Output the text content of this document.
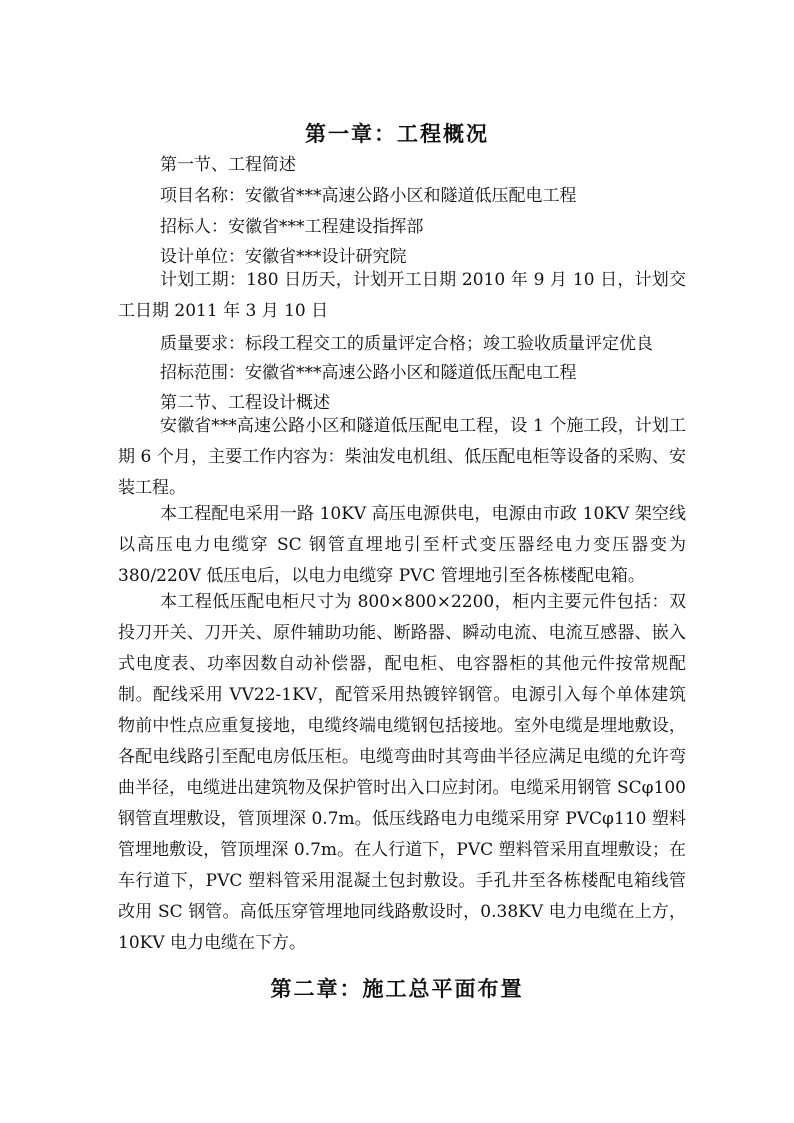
第一章：工程概况
第一节、工程简述
项目名称：安徽省***高速公路小区和隧道低压配电工程
招标人：安徽省***工程建设指挥部
设计单位：安徽省***设计研究院

计划工期：180 日历天，计划开工日期 2010 年 9 月 10 日，计划交工日期 2011 年 3 月 10 日

质量要求：标段工程交工的质量评定合格；竣工验收质量评定优良
招标范围：安徽省***高速公路小区和隧道低压配电工程
第二节、工程设计概述

安徽省***高速公路小区和隧道低压配电工程，设 1 个施工段，计划工期 6 个月，主要工作内容为：柴油发电机组、低压配电柜等设备的采购、安装工程。

本工程配电采用一路 10KV 高压电源供电，电源由市政 10KV 架空线以高压电力电缆穿 SC 钢管直埋地引至杆式变压器经电力变压器变为 380/220V 低压电后，以电力电缆穿 PVC 管埋地引至各栋楼配电箱。

本工程低压配电柜尺寸为 800×800×2200，柜内主要元件包括：双投刀开关、刀开关、原件辅助功能、断路器、瞬动电流、电流互感器、嵌入式电度表、功率因数自动补偿器，配电柜、电容器柜的其他元件按常规配制。配线采用 VV22-1KV，配管采用热镀锌钢管。电源引入每个单体建筑物前中性点应重复接地，电缆终端电缆钢包括接地。室外电缆是埋地敷设，各配电线路引至配电房低压柜。电缆弯曲时其弯曲半径应满足电缆的允许弯曲半径，电缆进出建筑物及保护管时出入口应封闭。电缆采用钢管 SCφ100 钢管直埋敷设，管顶埋深 0.7m。低压线路电力电缆采用穿 PVCφ110 塑料管埋地敷设，管顶埋深 0.7m。在人行道下，PVC 塑料管采用直埋敷设；在车行道下，PVC 塑料管采用混凝土包封敷设。手孔井至各栋楼配电箱线管改用 SC 钢管。高低压穿管埋地同线路敷设时，0.38KV 电力电缆在上方，10KV 电力电缆在下方。

第二章：施工总平面布置
